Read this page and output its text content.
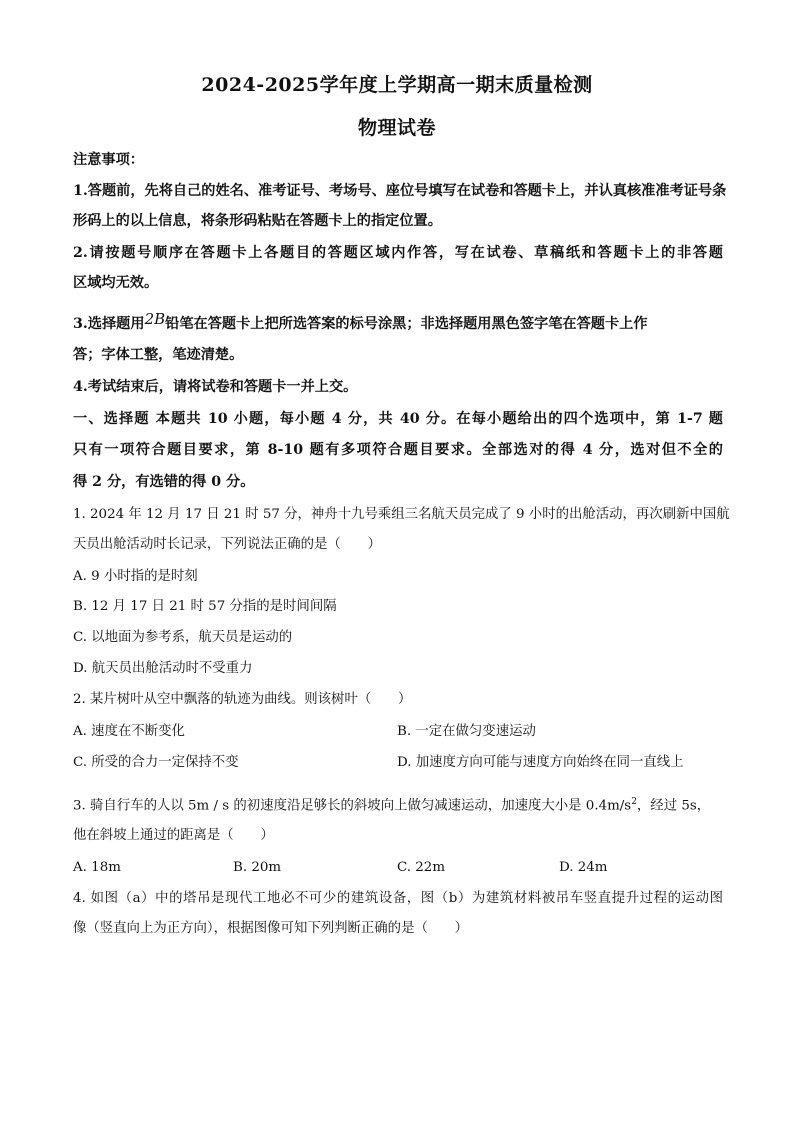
2024-2025学年度上学期高一期末质量检测
物理试卷
注意事项：
1.答题前，先将自己的姓名、准考证号、考场号、座位号填写在试卷和答题卡上，并认真核准准考证号条
形码上的以上信息，将条形码粘贴在答题卡上的指定位置。
2.请按题号顺序在答题卡上各题目的答题区域内作答，写在试卷、草稿纸和答题卡上的非答题
区域均无效。
3.选择题用2B铅笔在答题卡上把所选答案的标号涂黑；非选择题用黑色签字笔在答题卡上作
答；字体工整，笔迹清楚。
4.考试结束后，请将试卷和答题卡一并上交。
一、选择题 本题共 10 小题，每小题 4 分，共 40 分。在每小题给出的四个选项中，第 1-7 题
只有一项符合题目要求，第 8-10 题有多项符合题目要求。全部选对的得 4 分，选对但不全的
得 2 分，有选错的得 0 分。
1. 2024 年 12 月 17 日 21 时 57 分，神舟十九号乘组三名航天员完成了 9 小时的出舱活动，再次刷新中国航
天员出舱活动时长记录，下列说法正确的是（　　）
A. 9 小时指的是时刻
B. 12 月 17 日 21 时 57 分指的是时间间隔
C. 以地面为参考系，航天员是运动的
D. 航天员出舱活动时不受重力
2. 某片树叶从空中飘落的轨迹为曲线。则该树叶（　　）
A. 速度在不断变化	B. 一定在做匀变速运动
C. 所受的合力一定保持不变	D. 加速度方向可能与速度方向始终在同一直线上
3. 骑自行车的人以 5m / s 的初速度沿足够长的斜坡向上做匀减速运动，加速度大小是 $0.4m/s^2$，经过 5s，
他在斜坡上通过的距离是（　　）
A. 18m	B. 20m	C. 22m	D. 24m
4. 如图（a）中的塔吊是现代工地必不可少的建筑设备，图（b）为建筑材料被吊车竖直提升过程的运动图
像（竖直向上为正方向），根据图像可知下列判断正确的是（　　）
